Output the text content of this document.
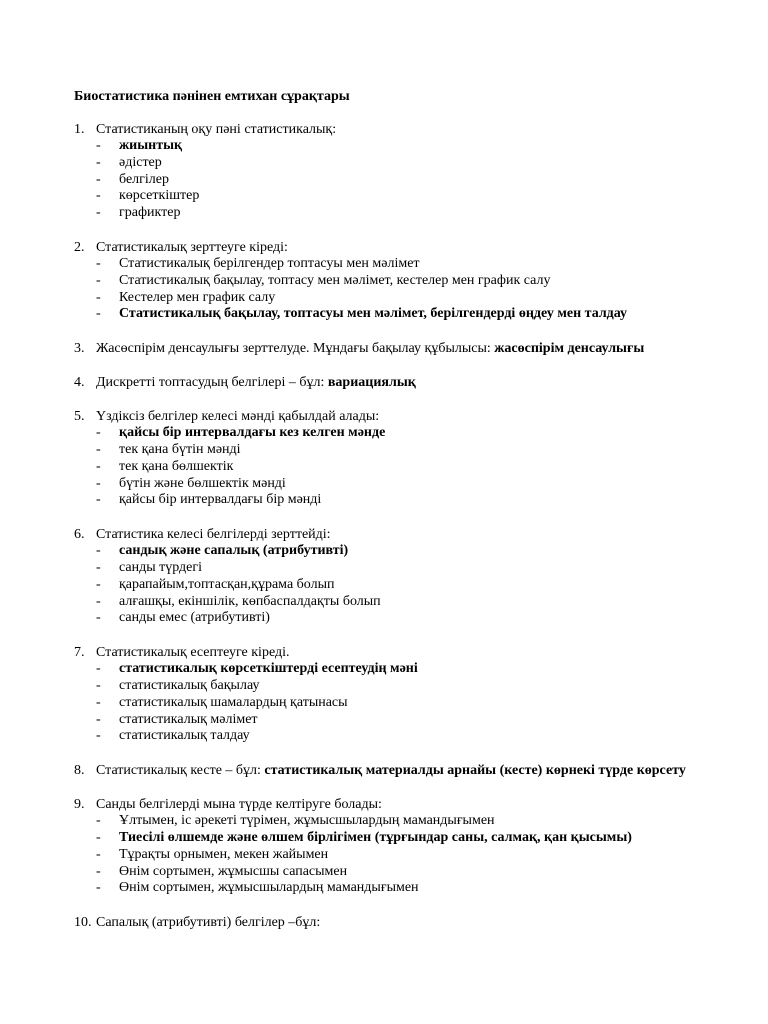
Биостатистика пәнінен емтихан сұрақтары
1. Статистиканың оқу пәні статистикалық:
- жиынтық
- әдістер
- белгілер
- көрсеткіштер
- графиктер
2. Статистикалық зерттеуге кіреді:
- Статистикалық берілгендер топтасуы мен мәлімет
- Статистикалық бақылау, топтасу мен мәлімет, кестелер мен график салу
- Кестелер мен график салу
- Статистикалық бақылау, топтасуы мен мәлімет, берілгендерді өңдеу мен талдау
3. Жасөспірім денсаулығы зерттелуде. Мұндағы бақылау құбылысы: жасөспірім денсаулығы
4. Дискретті топтасудың белгілері – бұл: вариациялық
5. Үздіксіз белгілер келесі мәнді қабылдай алады:
- қайсы бір интервалдағы кез келген мәнде
- тек қана бүтін мәнді
- тек қана бөлшектік
- бүтін және бөлшектік мәнді
- қайсы бір интервалдағы бір мәнді
6. Статистика келесі белгілерді зерттейді:
- сандық және сапалық (атрибутивті)
- санды түрдегі
- қарапайым,топтасқан,құрама болып
- алғашқы, екіншілік, көпбаспалдақты болып
- санды емес (атрибутивті)
7. Статистикалық есептеуге кіреді.
- статистикалық көрсеткіштерді есептеудің мәні
- статистикалық бақылау
- статистикалық шамалардың қатынасы
- статистикалық мәлімет
- статистикалық талдау
8. Статистикалық кесте – бұл: статистикалық материалды арнайы (кесте) көрнекі түрде көрсету
9. Санды белгілерді мына түрде келтіруге болады:
- Ұлтымен, іс әрекеті түрімен, жұмысшылардың мамандығымен
- Тиесілі өлшемде және өлшем бірлігімен (тұрғындар саны, салмақ, қан қысымы)
- Тұрақты орнымен, мекен жайымен
- Өнім сортымен, жұмысшы сапасымен
- Өнім сортымен, жұмысшылардың мамандығымен
10. Сапалық (атрибутивті) белгілер –бұл:
